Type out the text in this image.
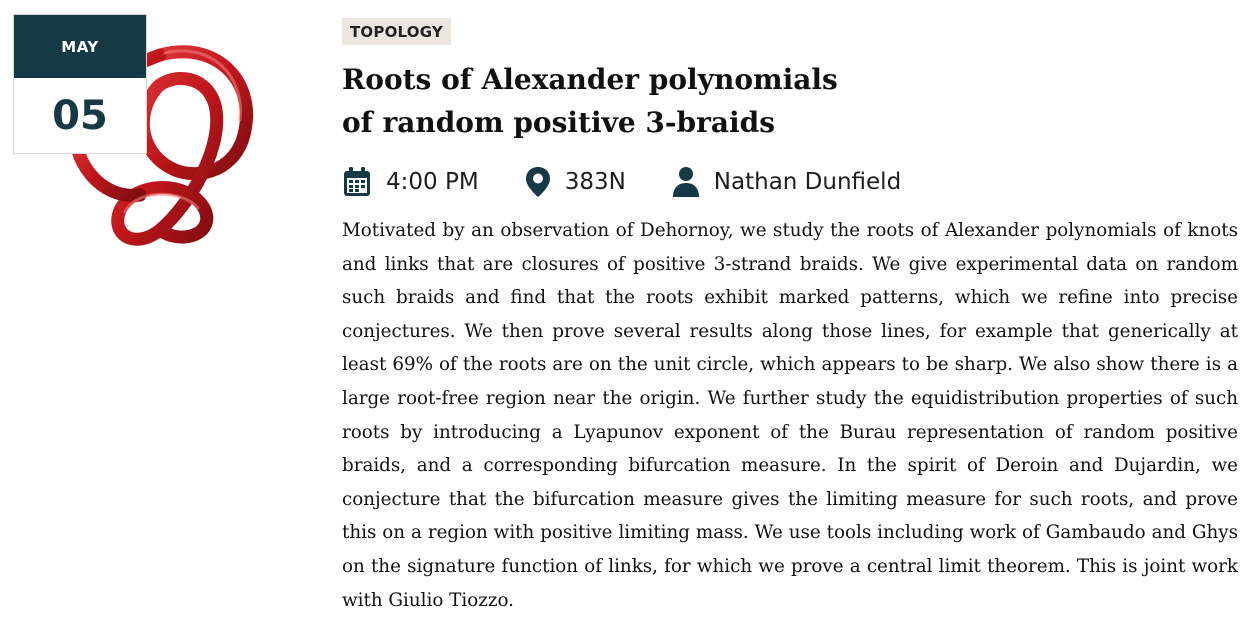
MAY
05
TOPOLOGY
Roots of Alexander polynomials
of random positive 3-braids
4:00 PM	383N	Nathan Dunfield

Motivated by an observation of Dehornoy, we study the roots of Alexander polynomials of knots and links that are closures of positive 3-strand braids. We give experimental data on random such braids and find that the roots exhibit marked patterns, which we refine into precise conjectures. We then prove several results along those lines, for example that generically at least 69% of the roots are on the unit circle, which appears to be sharp. We also show there is a large root-free region near the origin. We further study the equidistribution properties of such roots by introducing a Lyapunov exponent of the Burau representation of random positive braids, and a corresponding bifurcation measure. In the spirit of Deroin and Dujardin, we conjecture that the bifurcation measure gives the limiting measure for such roots, and prove this on a region with positive limiting mass. We use tools including work of Gambaudo and Ghys on the signature function of links, for which we prove a central limit theorem. This is joint work with Giulio Tiozzo.
